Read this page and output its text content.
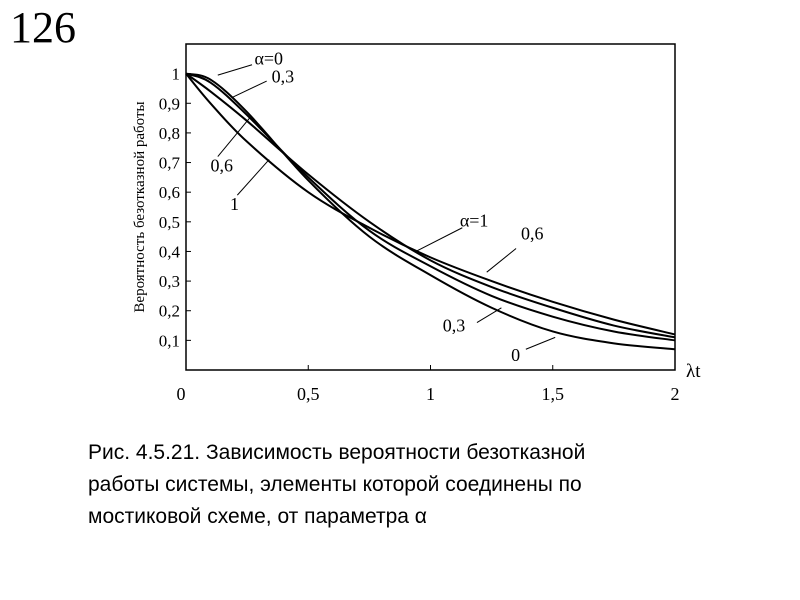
126
0,1
0,2
0,3
0,4
0,5
0,6
0,7
0,8
0,9
1
0	0,5	1	1,5	2
α=0
0,3
0,6
1
α=1
0,6
0,3
0
Вероятность безотказной работы
λt
Рис. 4.5.21. Зависимость вероятности безотказной
работы системы, элементы которой соединены по
мостиковой схеме, от параметра α
